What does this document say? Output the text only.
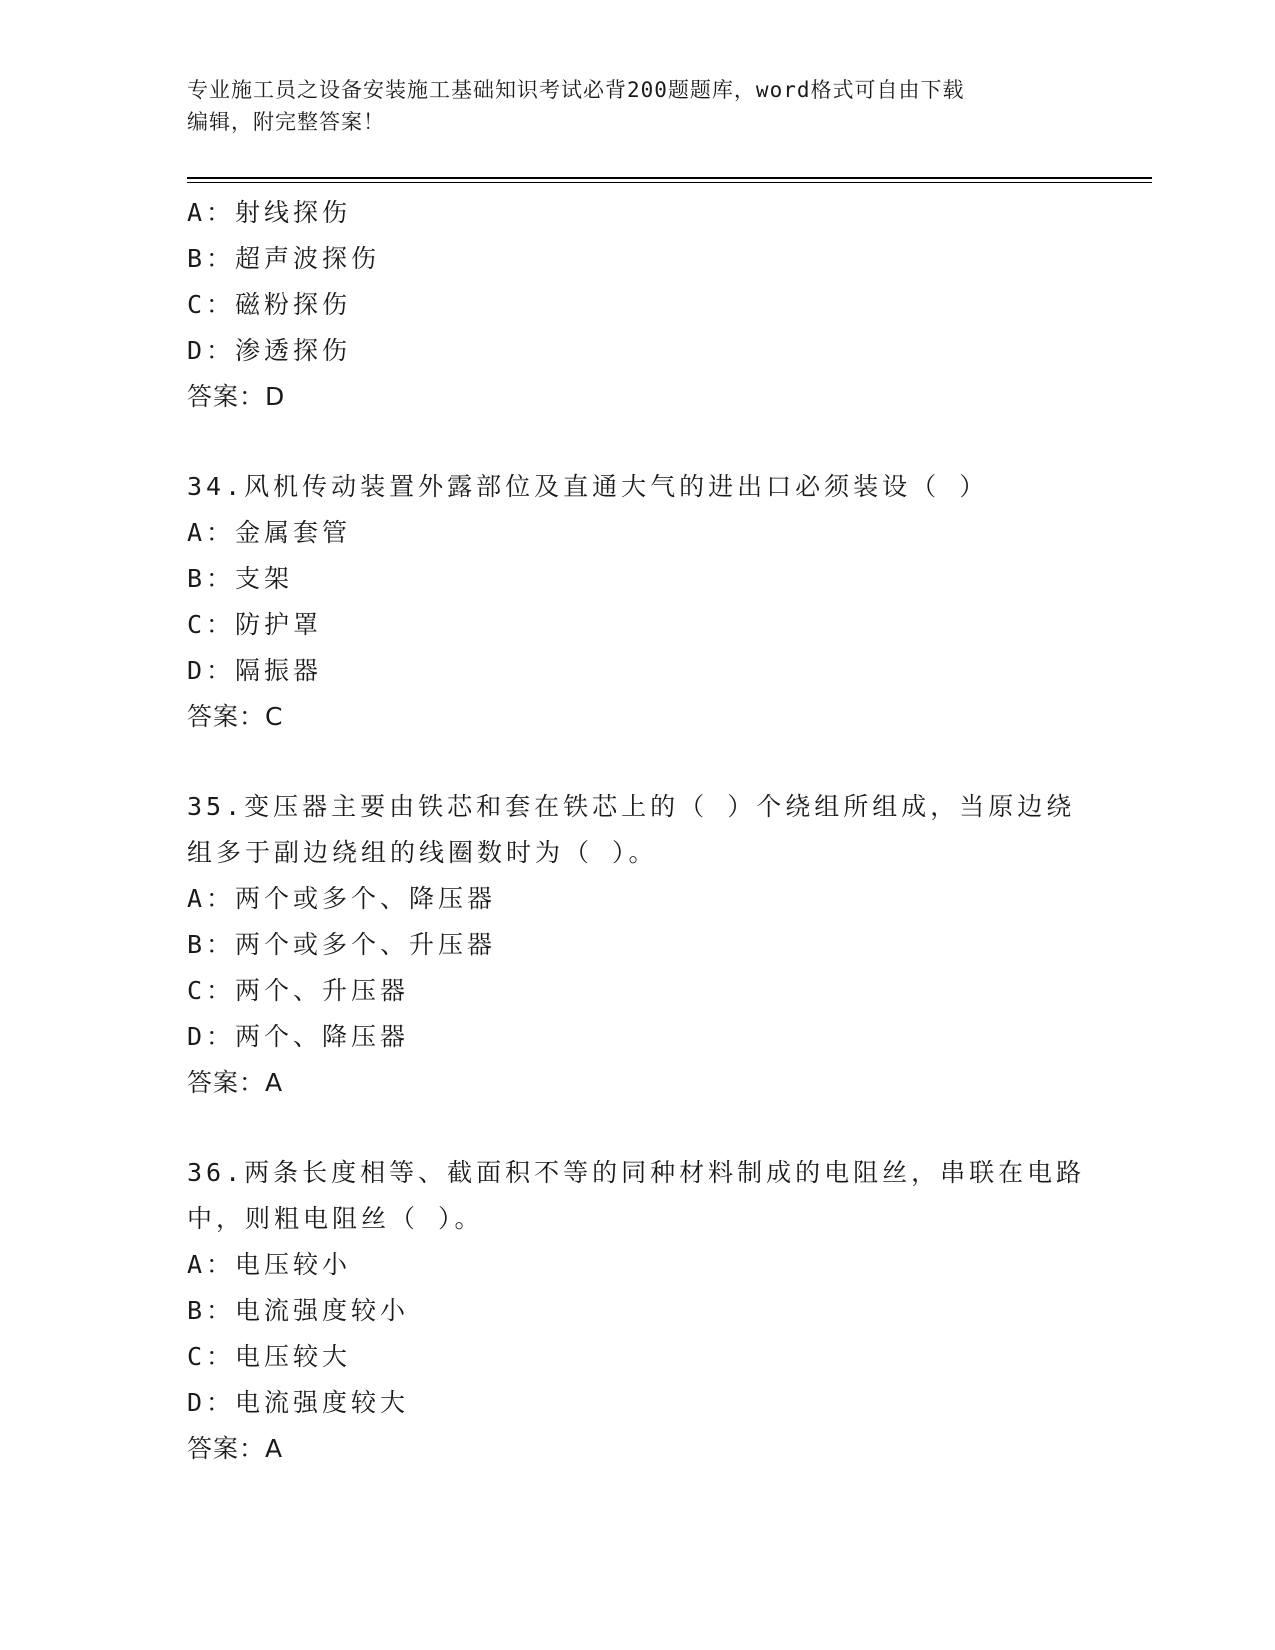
专业施工员之设备安装施工基础知识考试必背200题题库，word格式可自由下载
编辑，附完整答案！
A：射线探伤
B：超声波探伤
C：磁粉探伤
D：渗透探伤
答案：D
34.风机传动装置外露部位及直通大气的进出口必须装设（ ）
A：金属套管
B：支架
C：防护罩
D：隔振器
答案：C
35.变压器主要由铁芯和套在铁芯上的（ ）个绕组所组成，当原边绕
组多于副边绕组的线圈数时为（ ）。
A：两个或多个、降压器
B：两个或多个、升压器
C：两个、升压器
D：两个、降压器
答案：A
36.两条长度相等、截面积不等的同种材料制成的电阻丝，串联在电路
中，则粗电阻丝（ ）。
A：电压较小
B：电流强度较小
C：电压较大
D：电流强度较大
答案：A
